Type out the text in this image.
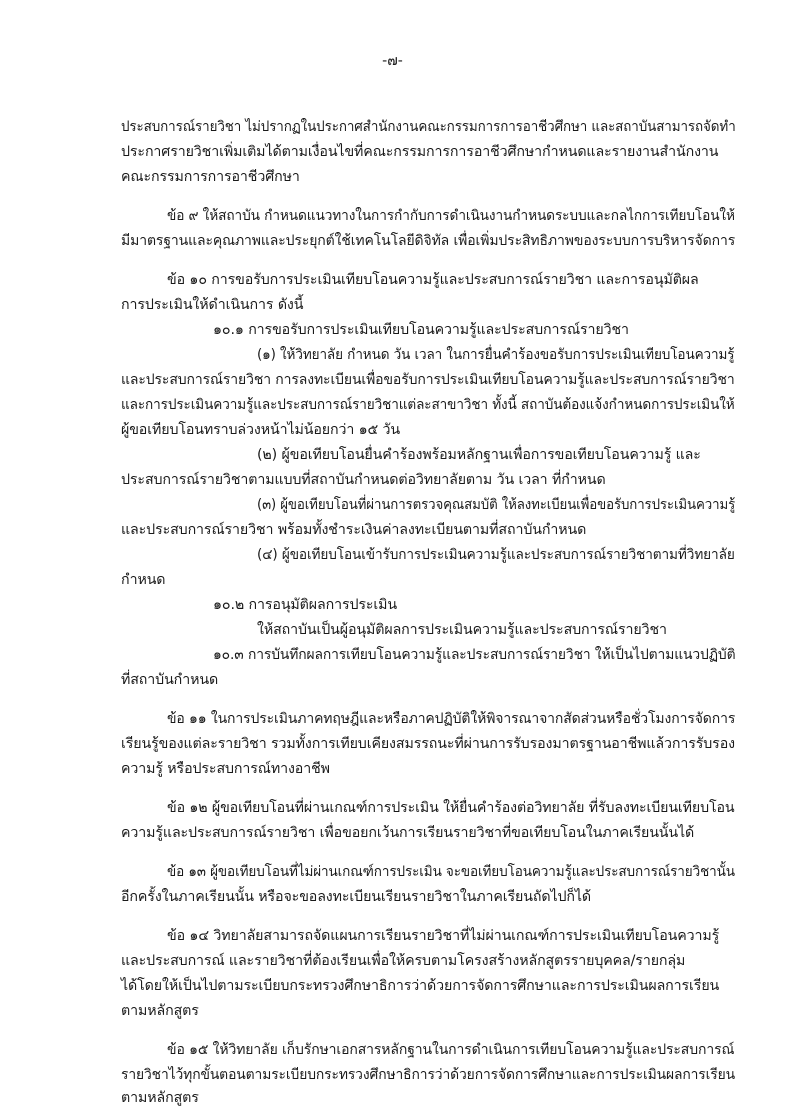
-๗-
ประสบการณ์รายวิชา ไม่ปรากฏในประกาศสำนักงานคณะกรรมการการอาชีวศึกษา และสถาบันสามารถจัดทำ
ประกาศรายวิชาเพิ่มเติมได้ตามเงื่อนไขที่คณะกรรมการการอาชีวศึกษากำหนดและรายงานสำนักงาน
คณะกรรมการการอาชีวศึกษา
ข้อ ๙ ให้สถาบัน กำหนดแนวทางในการกำกับการดำเนินงานกำหนดระบบและกลไกการเทียบโอนให้
มีมาตรฐานและคุณภาพและประยุกต์ใช้เทคโนโลยีดิจิทัล เพื่อเพิ่มประสิทธิภาพของระบบการบริหารจัดการ
ข้อ ๑๐ การขอรับการประเมินเทียบโอนความรู้และประสบการณ์รายวิชา และการอนุมัติผล
การประเมินให้ดำเนินการ ดังนี้
๑๐.๑ การขอรับการประเมินเทียบโอนความรู้และประสบการณ์รายวิชา
(๑) ให้วิทยาลัย กำหนด วัน เวลา ในการยื่นคำร้องขอรับการประเมินเทียบโอนความรู้
และประสบการณ์รายวิชา การลงทะเบียนเพื่อขอรับการประเมินเทียบโอนความรู้และประสบการณ์รายวิชา
และการประเมินความรู้และประสบการณ์รายวิชาแต่ละสาขาวิชา ทั้งนี้ สถาบันต้องแจ้งกำหนดการประเมินให้
ผู้ขอเทียบโอนทราบล่วงหน้าไม่น้อยกว่า ๑๕ วัน
(๒) ผู้ขอเทียบโอนยื่นคำร้องพร้อมหลักฐานเพื่อการขอเทียบโอนความรู้ และ
ประสบการณ์รายวิชาตามแบบที่สถาบันกำหนดต่อวิทยาลัยตาม วัน เวลา ที่กำหนด
(๓) ผู้ขอเทียบโอนที่ผ่านการตรวจคุณสมบัติ ให้ลงทะเบียนเพื่อขอรับการประเมินความรู้
และประสบการณ์รายวิชา พร้อมทั้งชำระเงินค่าลงทะเบียนตามที่สถาบันกำหนด
(๔) ผู้ขอเทียบโอนเข้ารับการประเมินความรู้และประสบการณ์รายวิชาตามที่วิทยาลัย
กำหนด
๑๐.๒ การอนุมัติผลการประเมิน
ให้สถาบันเป็นผู้อนุมัติผลการประเมินความรู้และประสบการณ์รายวิชา
๑๐.๓ การบันทึกผลการเทียบโอนความรู้และประสบการณ์รายวิชา ให้เป็นไปตามแนวปฏิบัติ
ที่สถาบันกำหนด
ข้อ ๑๑ ในการประเมินภาคทฤษฎีและหรือภาคปฏิบัติให้พิจารณาจากสัดส่วนหรือชั่วโมงการจัดการ
เรียนรู้ของแต่ละรายวิชา รวมทั้งการเทียบเคียงสมรรถนะที่ผ่านการรับรองมาตรฐานอาชีพแล้วการรับรอง
ความรู้ หรือประสบการณ์ทางอาชีพ
ข้อ ๑๒ ผู้ขอเทียบโอนที่ผ่านเกณฑ์การประเมิน ให้ยื่นคำร้องต่อวิทยาลัย ที่รับลงทะเบียนเทียบโอน
ความรู้และประสบการณ์รายวิชา เพื่อขอยกเว้นการเรียนรายวิชาที่ขอเทียบโอนในภาคเรียนนั้นได้
ข้อ ๑๓ ผู้ขอเทียบโอนที่ไม่ผ่านเกณฑ์การประเมิน จะขอเทียบโอนความรู้และประสบการณ์รายวิชานั้น
อีกครั้งในภาคเรียนนั้น หรือจะขอลงทะเบียนเรียนรายวิชาในภาคเรียนถัดไปก็ได้
ข้อ ๑๔ วิทยาลัยสามารถจัดแผนการเรียนรายวิชาที่ไม่ผ่านเกณฑ์การประเมินเทียบโอนความรู้
และประสบการณ์ และรายวิชาที่ต้องเรียนเพื่อให้ครบตามโครงสร้างหลักสูตรรายบุคคล/รายกลุ่ม
ได้โดยให้เป็นไปตามระเบียบกระทรวงศึกษาธิการว่าด้วยการจัดการศึกษาและการประเมินผลการเรียน
ตามหลักสูตร
ข้อ ๑๕ ให้วิทยาลัย เก็บรักษาเอกสารหลักฐานในการดำเนินการเทียบโอนความรู้และประสบการณ์
รายวิชาไว้ทุกขั้นตอนตามระเบียบกระทรวงศึกษาธิการว่าด้วยการจัดการศึกษาและการประเมินผลการเรียน
ตามหลักสูตร
